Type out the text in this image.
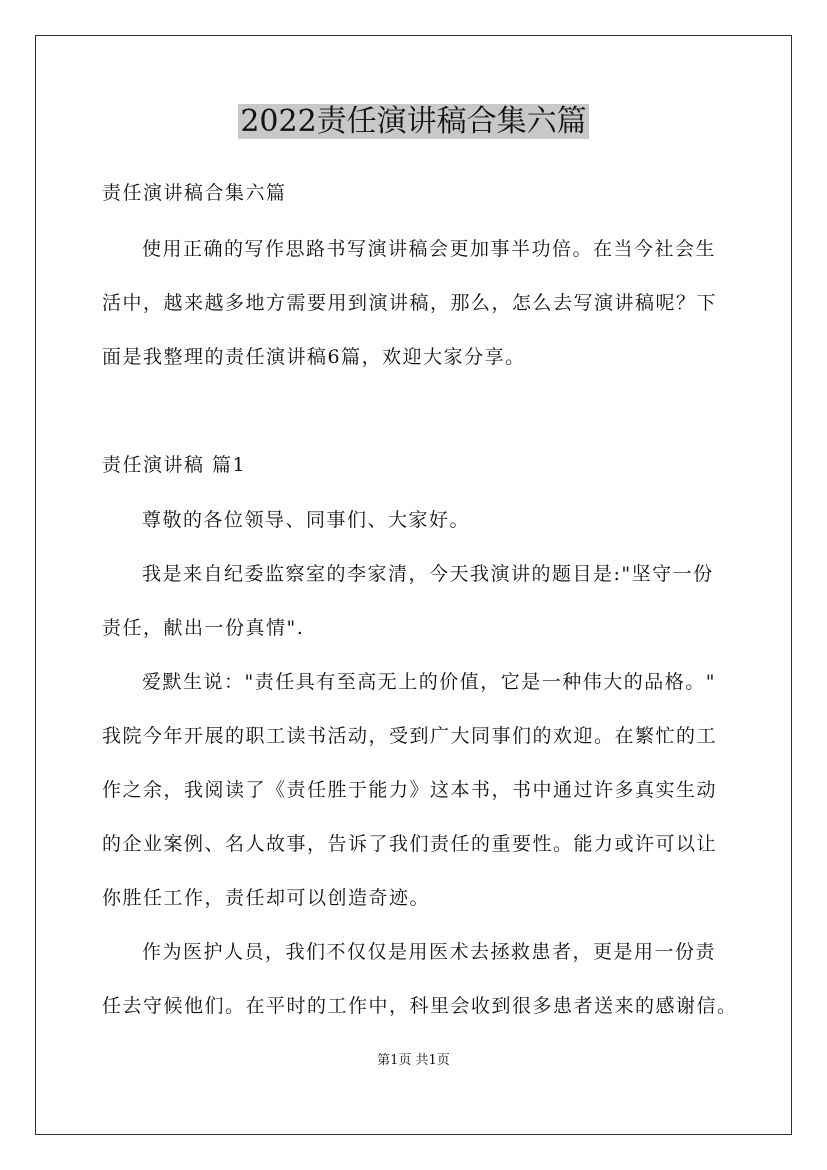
2022责任演讲稿合集六篇
责任演讲稿合集六篇
使用正确的写作思路书写演讲稿会更加事半功倍。在当今社会生
活中，越来越多地方需要用到演讲稿，那么，怎么去写演讲稿呢？下
面是我整理的责任演讲稿6篇，欢迎大家分享。
责任演讲稿 篇1
尊敬的各位领导、同事们、大家好。
我是来自纪委监察室的李家清，今天我演讲的题目是:"坚守一份
责任，献出一份真情".
爱默生说："责任具有至高无上的价值，它是一种伟大的品格。"
我院今年开展的职工读书活动，受到广大同事们的欢迎。在繁忙的工
作之余，我阅读了《责任胜于能力》这本书，书中通过许多真实生动
的企业案例、名人故事，告诉了我们责任的重要性。能力或许可以让
你胜任工作，责任却可以创造奇迹。
作为医护人员，我们不仅仅是用医术去拯救患者，更是用一份责
任去守候他们。在平时的工作中，科里会收到很多患者送来的感谢信。
第1页 共1页
